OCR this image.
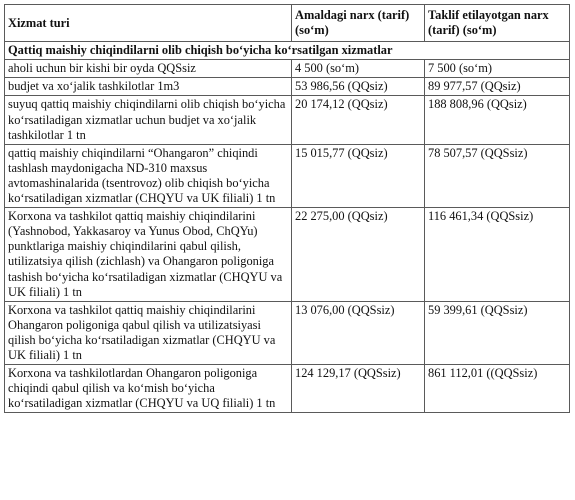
Xizmat turi	Amaldagi narx (tarif) (so‘m)	Taklif etilayotgan narx (tarif) (so‘m)
Qattiq maishiy chiqindilarni olib chiqish bo‘yicha ko‘rsatilgan xizmatlar		
aholi uchun bir kishi bir oyda QQSsiz	4 500 (so‘m)	7 500 (so‘m)
budjet va xo‘jalik tashkilotlar 1m3	53 986,56 (QQsiz)	89 977,57 (QQsiz)
suyuq qattiq maishiy chiqindilarni olib chiqish bo‘yicha ko‘rsatiladigan xizmatlar uchun budjet va xo‘jalik tashkilotlar 1 tn	20 174,12 (QQsiz)	188 808,96 (QQsiz)
qattiq maishiy chiqindilarni “Ohangaron” chiqindi tashlash maydonigacha ND-310 maxsus avtomashinalarida (tsentrovoz) olib chiqish bo‘yicha ko‘rsatiladigan xizmatlar (CHQYU va UK filiali) 1 tn	15 015,77 (QQsiz)	78 507,57 (QQSsiz)
Korxona va tashkilot qattiq maishiy chiqindilarini (Yashnobod, Yakkasaroy va Yunus Obod, ChQYu) punktlariga maishiy chiqindilarini qabul qilish, utilizatsiya qilish (zichlash) va Ohangaron poligoniga tashish bo‘yicha ko‘rsatiladigan xizmatlar (CHQYU va UK filiali) 1 tn	22 275,00 (QQsiz)	116 461,34 (QQSsiz)
Korxona va tashkilot qattiq maishiy chiqindilarini Ohangaron poligoniga qabul qilish va utilizatsiyasi qilish bo‘yicha ko‘rsatiladigan xizmatlar (CHQYU va UK filiali) 1 tn	13 076,00 (QQSsiz)	59 399,61 (QQSsiz)
Korxona va tashkilotlardan Ohangaron poligoniga chiqindi qabul qilish va ko‘mish bo‘yicha ko‘rsatiladigan xizmatlar (CHQYU va UQ filiali) 1 tn	124 129,17 (QQSsiz)	861 112,01 ((QQSsiz)
